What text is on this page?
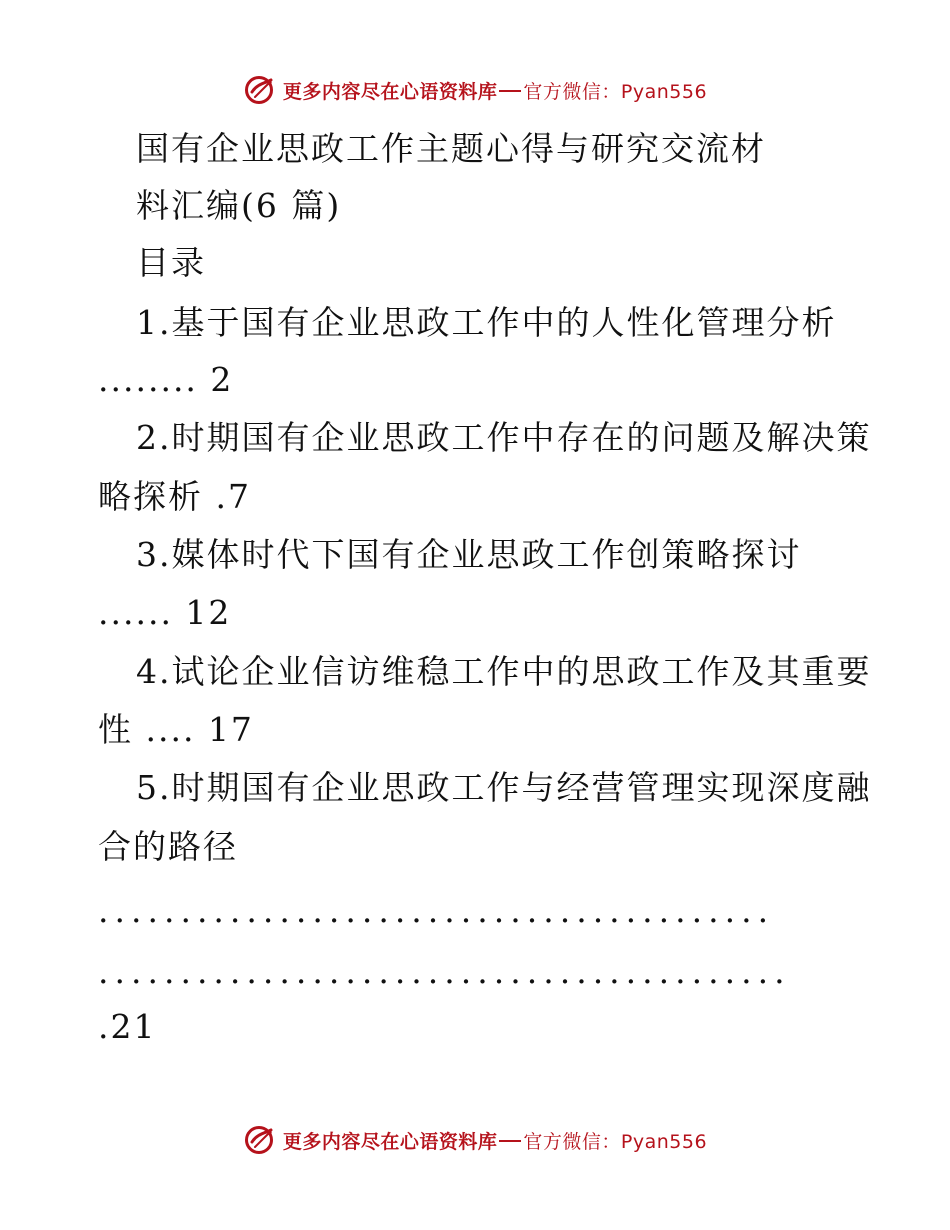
更多内容尽在心语资料库 官方微信：Pyan556
国有企业思政工作主题心得与研究交流材
料汇编(6 篇)
目录
1.基于国有企业思政工作中的人性化管理分析
........ 2
2.时期国有企业思政工作中存在的问题及解决策
略探析 .7
3.媒体时代下国有企业思政工作创策略探讨
...... 12
4.试论企业信访维稳工作中的思政工作及其重要
性 .... 17
5.时期国有企业思政工作与经营管理实现深度融
合的路径
.........................................
..........................................
.21
更多内容尽在心语资料库 官方微信：Pyan556
